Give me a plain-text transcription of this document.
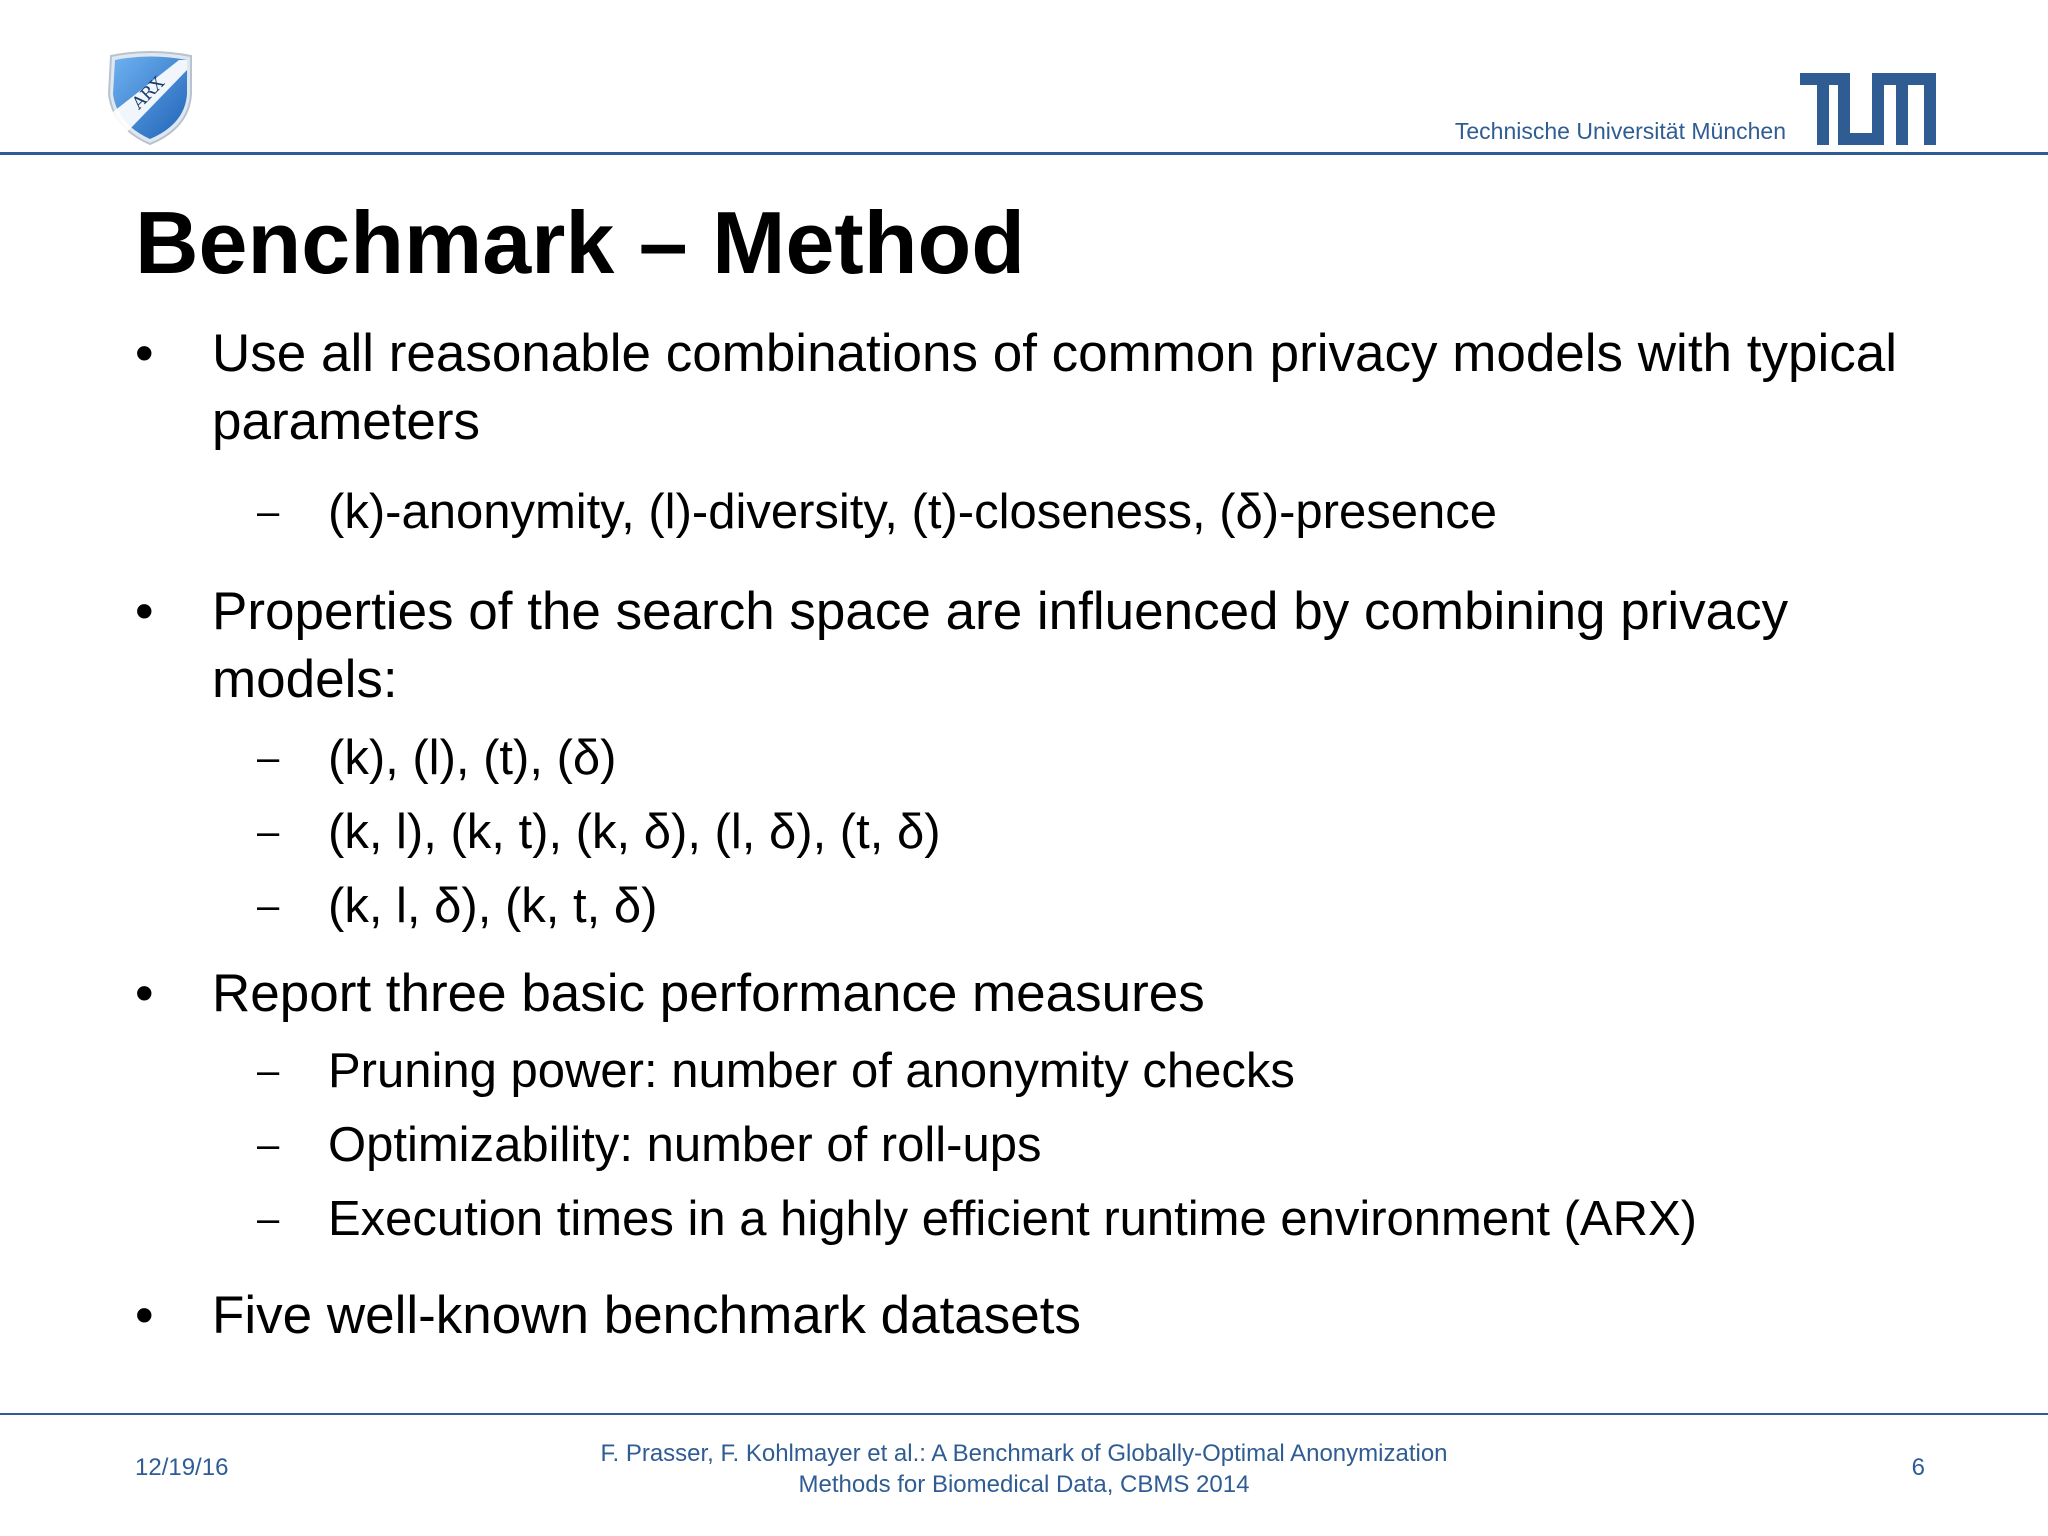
ARX
Technische Universität München
Benchmark – Method
• Use all reasonable combinations of common privacy models with typical parameters
– (k)-anonymity, (l)-diversity, (t)-closeness, (δ)-presence
• Properties of the search space are influenced by combining privacy models:
– (k), (l), (t), (δ)
– (k, l), (k, t), (k, δ), (l, δ), (t, δ)
– (k, l, δ), (k, t, δ)
• Report three basic performance measures
– Pruning power: number of anonymity checks
– Optimizability: number of roll-ups
– Execution times in a highly efficient runtime environment (ARX)
• Five well-known benchmark datasets
12/19/16
F. Prasser, F. Kohlmayer et al.: A Benchmark of Globally-Optimal Anonymization
Methods for Biomedical Data, CBMS 2014
6
